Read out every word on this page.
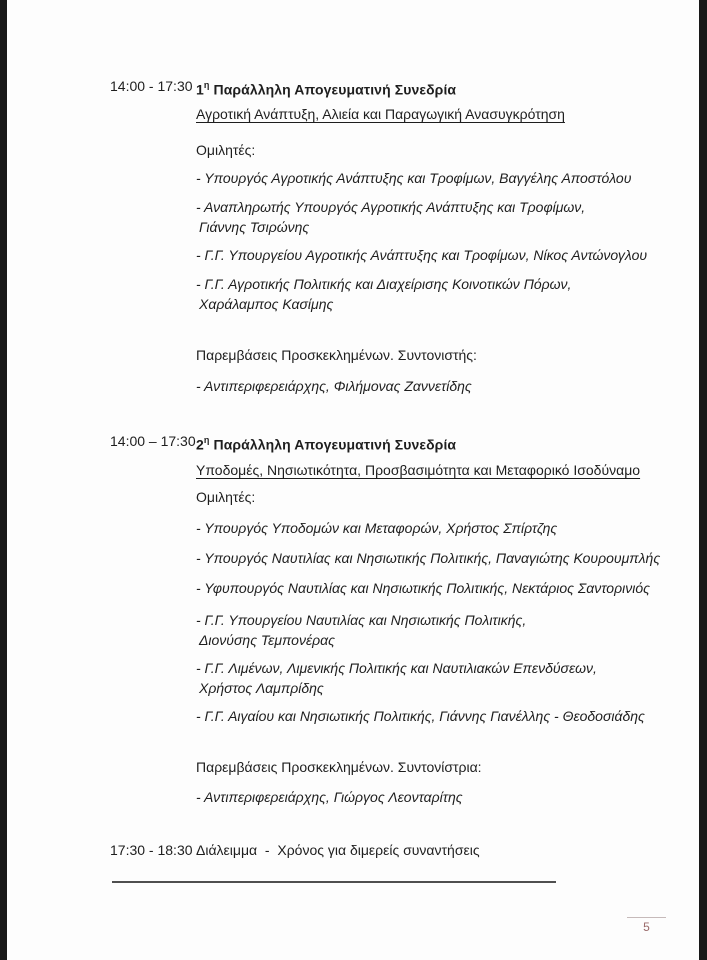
14:00 - 17:30 $1^\eta$ Παράλληλη Απογευματινή Συνεδρία
Αγροτική Ανάπτυξη, Αλιεία και Παραγωγική Ανασυγκρότηση
Ομιλητές:
- Υπουργός Αγροτικής Ανάπτυξης και Τροφίμων, Βαγγέλης Αποστόλου
- Αναπληρωτής Υπουργός Αγροτικής Ανάπτυξης και Τροφίμων,
Γιάννης Τσιρώνης
- Γ.Γ. Υπουργείου Αγροτικής Ανάπτυξης και Τροφίμων, Νίκος Αντώνογλου
- Γ.Γ. Αγροτικής Πολιτικής και Διαχείρισης Κοινοτικών Πόρων,
Χαράλαμπος Κασίμης
Παρεμβάσεις Προσκεκλημένων. Συντονιστής:
- Αντιπεριφερειάρχης, Φιλήμονας Ζαννετίδης
14:00 – 17:30 $2^\eta$ Παράλληλη Απογευματινή Συνεδρία
Υποδομές, Νησιωτικότητα, Προσβασιμότητα και Μεταφορικό Ισοδύναμο
Ομιλητές:
- Υπουργός Υποδομών και Μεταφορών, Χρήστος Σπίρτζης
- Υπουργός Ναυτιλίας και Νησιωτικής Πολιτικής, Παναγιώτης Κουρουμπλής
- Υφυπουργός Ναυτιλίας και Νησιωτικής Πολιτικής, Νεκτάριος Σαντορινιός
- Γ.Γ. Υπουργείου Ναυτιλίας και Νησιωτικής Πολιτικής,
Διονύσης Τεμπονέρας
- Γ.Γ. Λιμένων, Λιμενικής Πολιτικής και Ναυτιλιακών Επενδύσεων,
Χρήστος Λαμπρίδης
- Γ.Γ. Αιγαίου και Νησιωτικής Πολιτικής, Γιάννης Γιανέλλης - Θεοδοσιάδης
Παρεμβάσεις Προσκεκλημένων. Συντονίστρια:
- Αντιπεριφερειάρχης, Γιώργος Λεονταρίτης
17:30 - 18:30 Διάλειμμα  -  Χρόνος για διμερείς συναντήσεις
5
